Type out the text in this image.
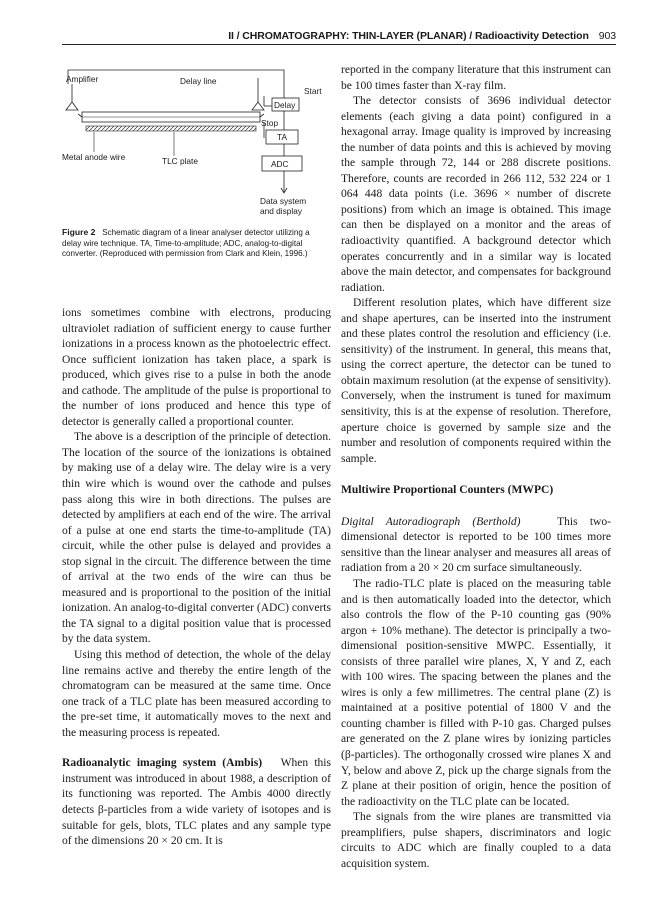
II / CHROMATOGRAPHY: THIN-LAYER (PLANAR) / Radioactivity Detection 903
Amplifier	Delay line
Start
Delay
Stop
TA
ADC
Data system
and display
Metal anode wire	TLC plate
Figure 2 Schematic diagram of a linear analyser detector utilizing a delay wire technique. TA, Time-to-amplitude; ADC, analog-to-digital converter. (Reproduced with permission from Clark and Klein, 1996.)

ions sometimes combine with electrons, producing ultraviolet radiation of sufficient energy to cause further ionizations in a process known as the photoelectric effect. Once sufficient ionization has taken place, a spark is produced, which gives rise to a pulse in both the anode and cathode. The amplitude of the pulse is proportional to the number of ions produced and hence this type of detector is generally called a proportional counter.

The above is a description of the principle of detection. The location of the source of the ionizations is obtained by making use of a delay wire. The delay wire is a very thin wire which is wound over the cathode and pulses pass along this wire in both directions. The pulses are detected by amplifiers at each end of the wire. The arrival of a pulse at one end starts the time-to-amplitude (TA) circuit, while the other pulse is delayed and provides a stop signal in the circuit. The difference between the time of arrival at the two ends of the wire can thus be measured and is proportional to the position of the initial ionization. An analog-to-digital converter (ADC) converts the TA signal to a digital position value that is processed by the data system.

Using this method of detection, the whole of the delay line remains active and thereby the entire length of the chromatogram can be measured at the same time. Once one track of a TLC plate has been measured according to the pre-set time, it automatically moves to the next and the measuring process is repeated.

Radioanalytic imaging system (Ambis) When this instrument was introduced in about 1988, a description of its functioning was reported. The Ambis 4000 directly detects β-particles from a wide variety of isotopes and is suitable for gels, blots, TLC plates and any sample type of the dimensions 20 × 20 cm. It is

reported in the company literature that this instrument can be 100 times faster than X-ray film.

The detector consists of 3696 individual detector elements (each giving a data point) configured in a hexagonal array. Image quality is improved by increasing the number of data points and this is achieved by moving the sample through 72, 144 or 288 discrete positions. Therefore, counts are recorded in 266 112, 532 224 or 1 064 448 data points (i.e. 3696 × number of discrete positions) from which an image is obtained. This image can then be displayed on a monitor and the areas of radioactivity quantified. A background detector which operates concurrently and in a similar way is located above the main detector, and compensates for background radiation.

Different resolution plates, which have different size and shape apertures, can be inserted into the instrument and these plates control the resolution and efficiency (i.e. sensitivity) of the instrument. In general, this means that, using the correct aperture, the detector can be tuned to obtain maximum resolution (at the expense of sensitivity). Conversely, when the instrument is tuned for maximum sensitivity, this is at the expense of resolution. Therefore, aperture choice is governed by sample size and the number and resolution of components required within the sample.

Multiwire Proportional Counters (MWPC)

Digital Autoradiograph (Berthold)	This two-dimensional detector is reported to be 100 times more sensitive than the linear analyser and measures all areas of radiation from a 20 × 20 cm surface simultaneously.

The radio-TLC plate is placed on the measuring table and is then automatically loaded into the detector, which also controls the flow of the P-10 counting gas (90% argon + 10% methane). The detector is principally a two-dimensional position-sensitive MWPC. Essentially, it consists of three parallel wire planes, X, Y and Z, each with 100 wires. The spacing between the planes and the wires is only a few millimetres. The central plane (Z) is maintained at a positive potential of 1800 V and the counting chamber is filled with P-10 gas. Charged pulses are generated on the Z plane wires by ionizing particles (β-particles). The orthogonally crossed wire planes X and Y, below and above Z, pick up the charge signals from the Z plane at their position of origin, hence the position of the radioactivity on the TLC plate can be located.

The signals from the wire planes are transmitted via preamplifiers, pulse shapers, discriminators and logic circuits to ADC which are finally coupled to a data acquisition system.
